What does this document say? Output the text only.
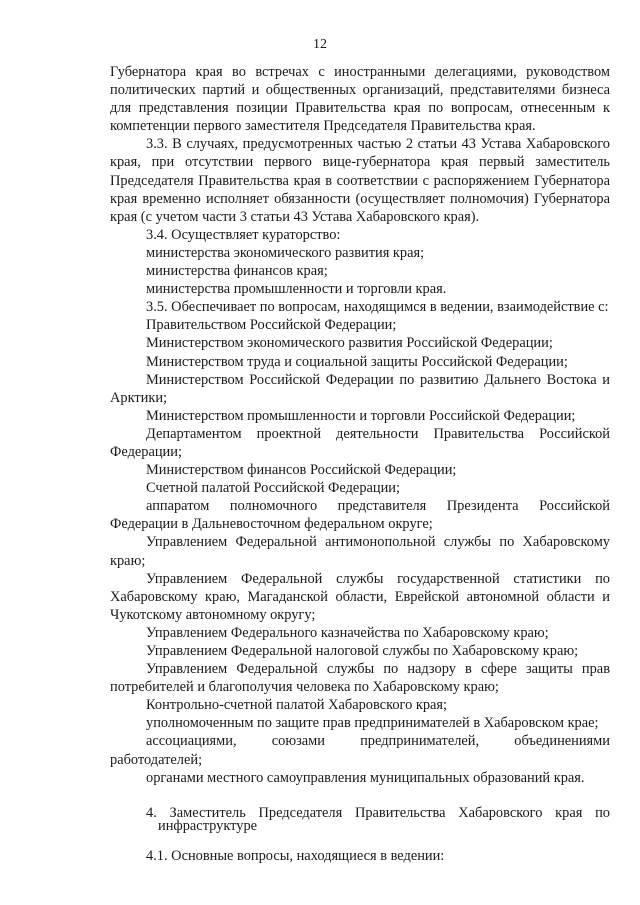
12
Губернатора края во встречах с иностранными делегациями, руководством политических партий и общественных организаций, представителями бизнеса для представления позиции Правительства края по вопросам, отнесенным к компетенции первого заместителя Председателя Правительства края.
3.3. В случаях, предусмотренных частью 2 статьи 43 Устава Хабаровского края, при отсутствии первого вице-губернатора края первый заместитель Председателя Правительства края в соответствии с распоряжением Губернатора края временно исполняет обязанности (осуществляет полномочия) Губернатора края (с учетом части 3 статьи 43 Устава Хабаровского края).
3.4. Осуществляет кураторство:
министерства экономического развития края;
министерства финансов края;
министерства промышленности и торговли края.
3.5. Обеспечивает по вопросам, находящимся в ведении, взаимодействие с:
Правительством Российской Федерации;
Министерством экономического развития Российской Федерации;
Министерством труда и социальной защиты Российской Федерации;
Министерством Российской Федерации по развитию Дальнего Востока и Арктики;
Министерством промышленности и торговли Российской Федерации;
Департаментом проектной деятельности Правительства Российской Федерации;
Министерством финансов Российской Федерации;
Счетной палатой Российской Федерации;
аппаратом полномочного представителя Президента Российской Федерации в Дальневосточном федеральном округе;
Управлением Федеральной антимонопольной службы по Хабаровскому краю;
Управлением Федеральной службы государственной статистики по Хабаровскому краю, Магаданской области, Еврейской автономной области и Чукотскому автономному округу;
Управлением Федерального казначейства по Хабаровскому краю;
Управлением Федеральной налоговой службы по Хабаровскому краю;
Управлением Федеральной службы по надзору в сфере защиты прав потребителей и благополучия человека по Хабаровскому краю;
Контрольно-счетной палатой Хабаровского края;
уполномоченным по защите прав предпринимателей в Хабаровском крае;
ассоциациями, союзами предпринимателей, объединениями работодателей;
органами местного самоуправления муниципальных образований края.
4. Заместитель Председателя Правительства Хабаровского края по инфраструктуре
4.1. Основные вопросы, находящиеся в ведении:
